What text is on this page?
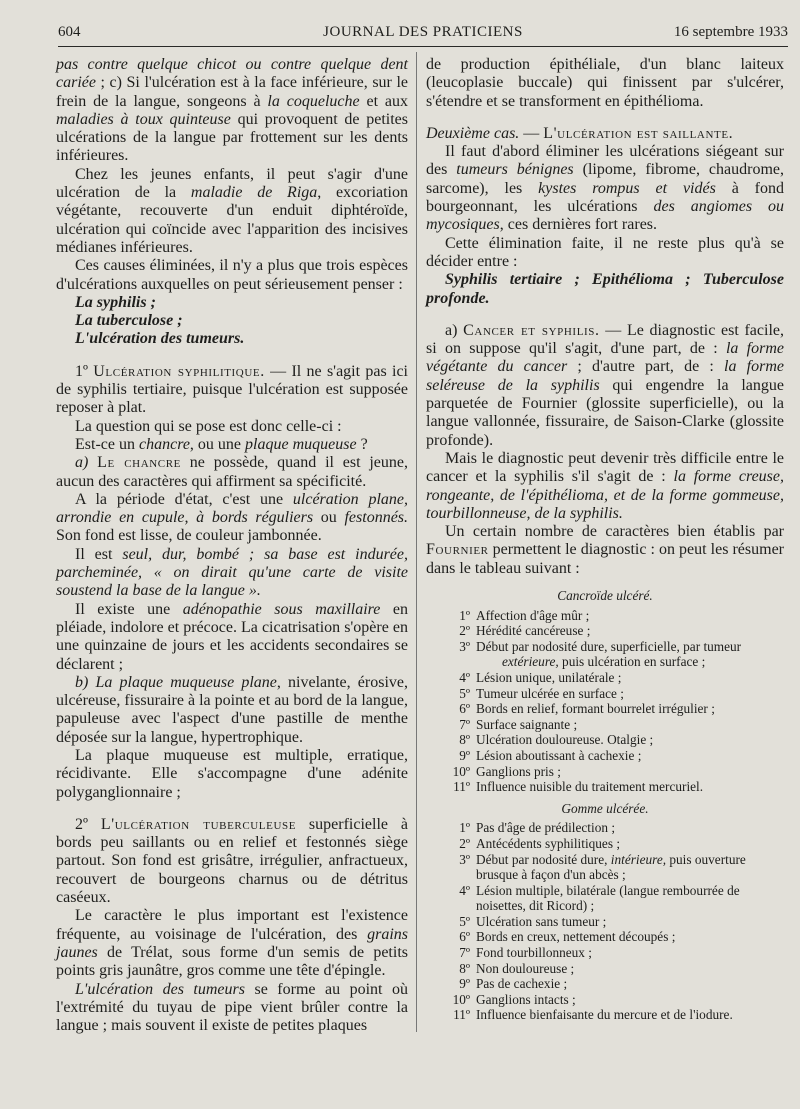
604	JOURNAL DES PRATICIENS	16 septembre 1933

pas contre quelque chicot ou contre quelque dent cariée ; c) Si l'ulcération est à la face inférieure, sur le frein de la langue, songeons à la coqueluche et aux maladies à toux quinteuse qui provoquent de petites ulcérations de la langue par frottement sur les dents inférieures.

Chez les jeunes enfants, il peut s'agir d'une ulcération de la maladie de Riga, excoriation végétante, recouverte d'un enduit diphtéroïde, ulcération qui coïncide avec l'apparition des incisives médianes inférieures.

Ces causes éliminées, il n'y a plus que trois espèces d'ulcérations auxquelles on peut sérieusement penser :

La syphilis ;
La tuberculose ;
L'ulcération des tumeurs.

1º Ulcération syphilitique. — Il ne s'agit pas ici de syphilis tertiaire, puisque l'ulcération est supposée reposer à plat.

La question qui se pose est donc celle-ci :

Est-ce un chancre, ou une plaque muqueuse ?

a) Le chancre ne possède, quand il est jeune, aucun des caractères qui affirment sa spécificité.

A la période d'état, c'est une ulcération plane, arrondie en cupule, à bords réguliers ou festonnés. Son fond est lisse, de couleur jambonnée.

Il est seul, dur, bombé ; sa base est indurée, parcheminée, « on dirait qu'une carte de visite soustend la base de la langue ».

Il existe une adénopathie sous maxillaire en pléiade, indolore et précoce. La cicatrisation s'opère en une quinzaine de jours et les accidents secondaires se déclarent ;

b) La plaque muqueuse plane, nivelante, érosive, ulcéreuse, fissuraire à la pointe et au bord de la langue, papuleuse avec l'aspect d'une pastille de menthe déposée sur la langue, hypertrophique.

La plaque muqueuse est multiple, erratique, récidivante. Elle s'accompagne d'une adénite polyganglionnaire ;

2º L'ulcération tuberculeuse superficielle à bords peu saillants ou en relief et festonnés siège partout. Son fond est grisâtre, irrégulier, anfractueux, recouvert de bourgeons charnus ou de détritus caséeux.

Le caractère le plus important est l'existence fréquente, au voisinage de l'ulcération, des grains jaunes de Trélat, sous forme d'un semis de petits points gris jaunâtre, gros comme une tête d'épingle.

L'ulcération des tumeurs se forme au point où l'extrémité du tuyau de pipe vient brûler contre la langue ; mais souvent il existe de petites plaques

de production épithéliale, d'un blanc laiteux (leucoplasie buccale) qui finissent par s'ulcérer, s'étendre et se transforment en épithélioma.

Deuxième cas. — L'ulcération est saillante.

Il faut d'abord éliminer les ulcérations siégeant sur des tumeurs bénignes (lipome, fibrome, chaudrome, sarcome), les kystes rompus et vidés à fond bourgeonnant, les ulcérations des angiomes ou mycosiques, ces dernières fort rares.

Cette élimination faite, il ne reste plus qu'à se décider entre :

Syphilis tertiaire ; Epithélioma ; Tuberculose profonde.

a) Cancer et syphilis. — Le diagnostic est facile, si on suppose qu'il s'agit, d'une part, de : la forme végétante du cancer ; d'autre part, de : la forme seléreuse de la syphilis qui engendre la langue parquetée de Fournier (glossite superficielle), ou la langue vallonnée, fissuraire, de Saison-Clarke (glossite profonde).

Mais le diagnostic peut devenir très difficile entre le cancer et la syphilis s'il s'agit de : la forme creuse, rongeante, de l'épithélioma, et de la forme gommeuse, tourbillonneuse, de la syphilis.

Un certain nombre de caractères bien établis par Fournier permettent le diagnostic : on peut les résumer dans le tableau suivant :

Cancroïde ulcéré.
1º Affection d'âge mûr ;
2º Hérédité cancéreuse ;
3º Début par nodosité dure, superficielle, par tumeur
extérieure, puis ulcération en surface ;
4º Lésion unique, unilatérale ;
5º Tumeur ulcérée en surface ;
6º Bords en relief, formant bourrelet irrégulier ;
7º Surface saignante ;
8º Ulcération douloureuse. Otalgie ;
9º Lésion aboutissant à cachexie ;
10º Ganglions pris ;
11º Influence nuisible du traitement mercuriel.
Gomme ulcérée.
1º Pas d'âge de prédilection ;
2º Antécédents syphilitiques ;
3º Début par nodosité dure, intérieure, puis ouverture brusque à façon d'un abcès ;
4º Lésion multiple, bilatérale (langue rembourrée de noisettes, dit Ricord) ;
5º Ulcération sans tumeur ;
6º Bords en creux, nettement découpés ;
7º Fond tourbillonneux ;
8º Non douloureuse ;
9º Pas de cachexie ;
10º Ganglions intacts ;
11º Influence bienfaisante du mercure et de l'iodure.
